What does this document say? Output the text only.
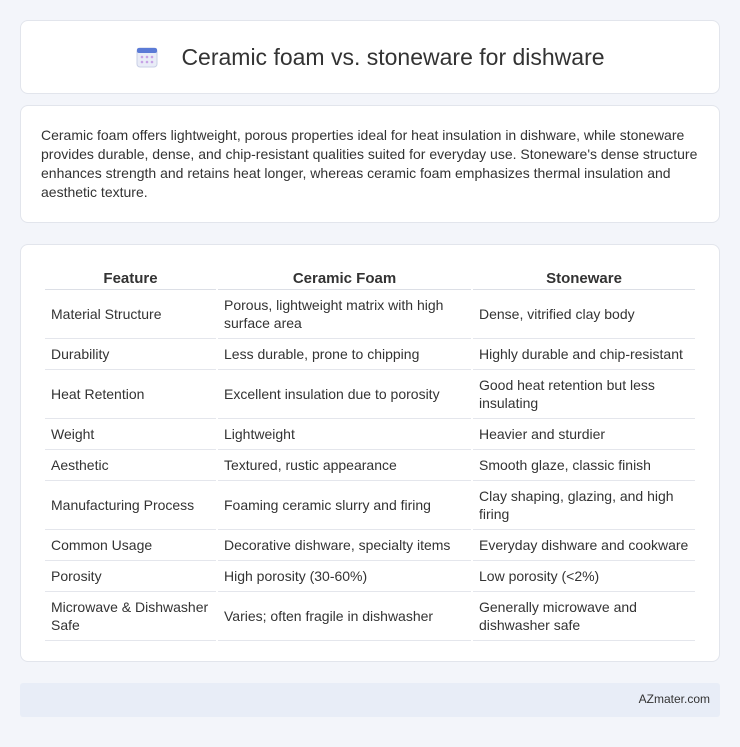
Ceramic foam vs. stoneware for dishware

Ceramic foam offers lightweight, porous properties ideal for heat insulation in dishware, while stoneware provides durable, dense, and chip-resistant qualities suited for everyday use. Stoneware's dense structure enhances strength and retains heat longer, whereas ceramic foam emphasizes thermal insulation and aesthetic texture.

Feature	Ceramic Foam	Stoneware
Material Structure	Porous, lightweight matrix with high surface area	Dense, vitrified clay body
Durability	Less durable, prone to chipping	Highly durable and chip-resistant
Heat Retention	Excellent insulation due to porosity	Good heat retention but less insulating
Weight	Lightweight	Heavier and sturdier
Aesthetic	Textured, rustic appearance	Smooth glaze, classic finish
Manufacturing Process	Foaming ceramic slurry and firing	Clay shaping, glazing, and high firing
Common Usage	Decorative dishware, specialty items	Everyday dishware and cookware
Porosity	High porosity (30-60%)	Low porosity (<2%)
Microwave & Dishwasher Safe	Varies; often fragile in dishwasher	Generally microwave and dishwasher safe
AZmater.com
